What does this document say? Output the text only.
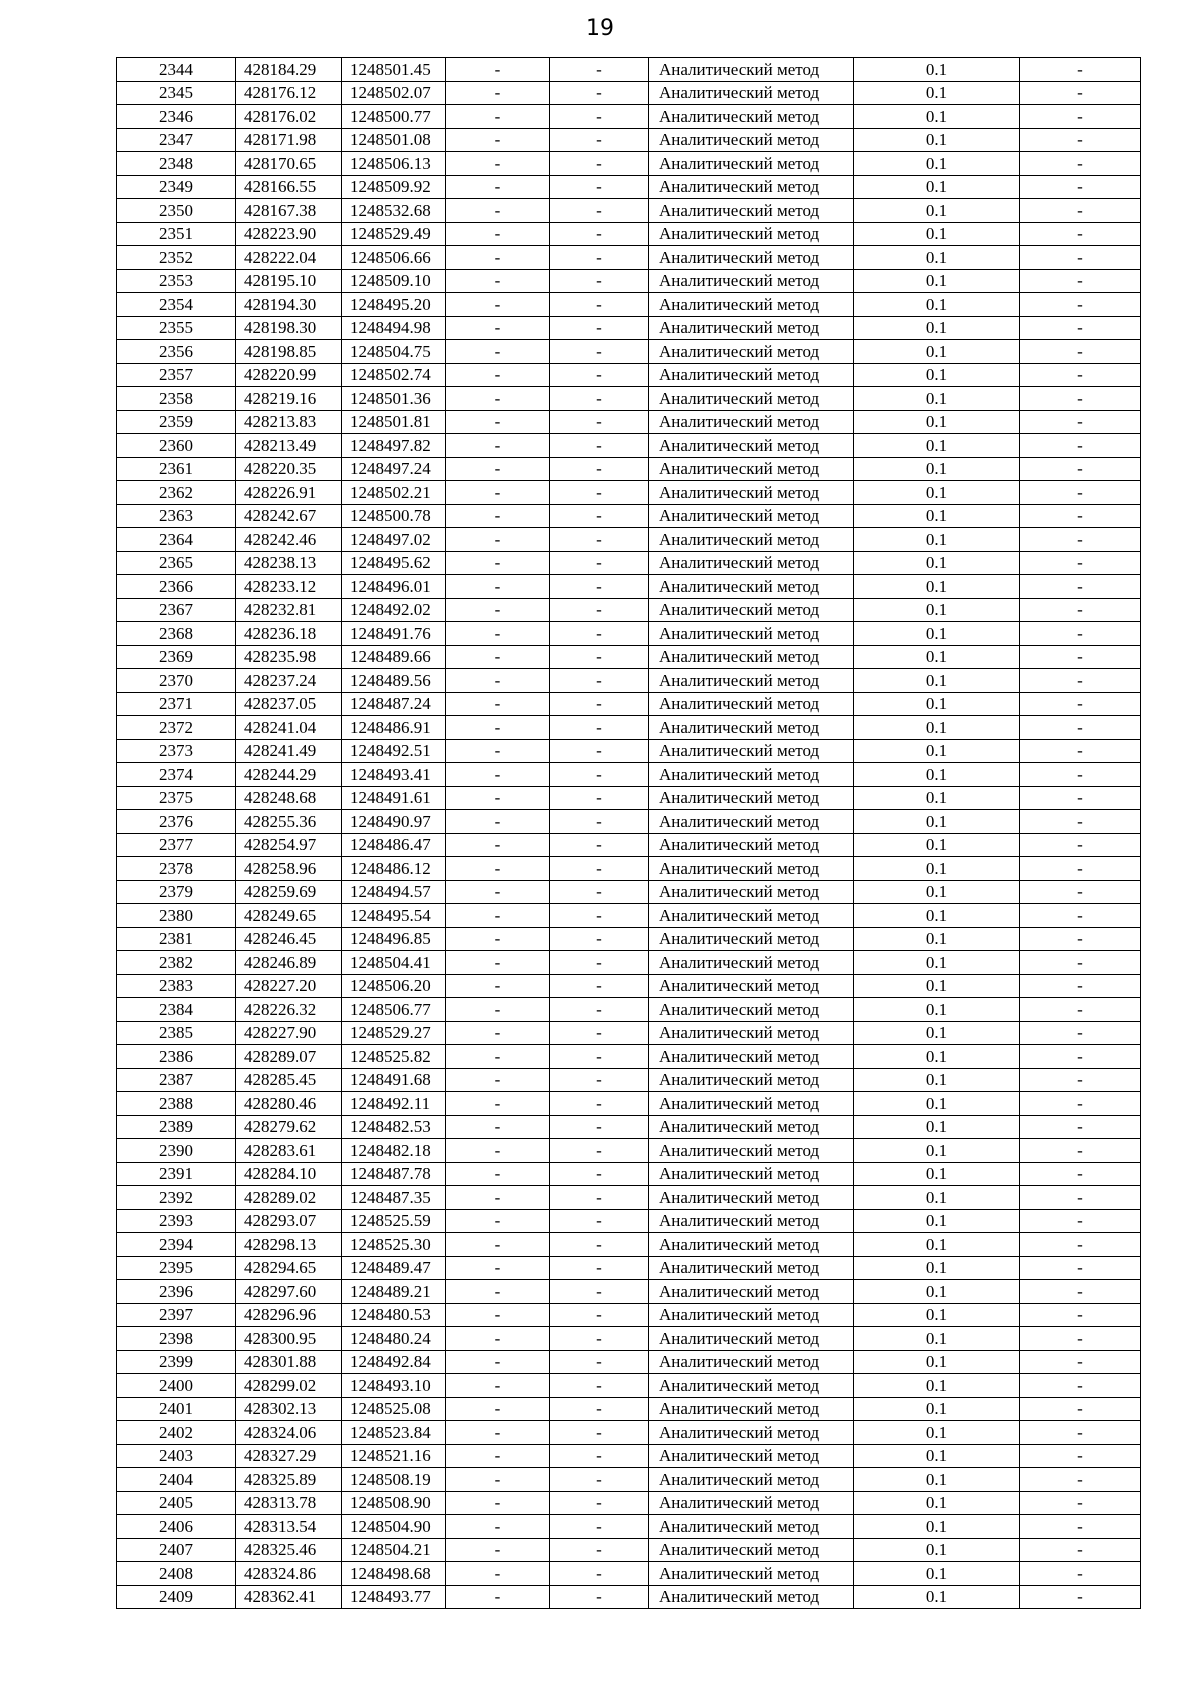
19
2344	428184.29	1248501.45	-	-	Аналитический метод	0.1	-
2345	428176.12	1248502.07	-	-	Аналитический метод	0.1	-
2346	428176.02	1248500.77	-	-	Аналитический метод	0.1	-
2347	428171.98	1248501.08	-	-	Аналитический метод	0.1	-
2348	428170.65	1248506.13	-	-	Аналитический метод	0.1	-
2349	428166.55	1248509.92	-	-	Аналитический метод	0.1	-
2350	428167.38	1248532.68	-	-	Аналитический метод	0.1	-
2351	428223.90	1248529.49	-	-	Аналитический метод	0.1	-
2352	428222.04	1248506.66	-	-	Аналитический метод	0.1	-
2353	428195.10	1248509.10	-	-	Аналитический метод	0.1	-
2354	428194.30	1248495.20	-	-	Аналитический метод	0.1	-
2355	428198.30	1248494.98	-	-	Аналитический метод	0.1	-
2356	428198.85	1248504.75	-	-	Аналитический метод	0.1	-
2357	428220.99	1248502.74	-	-	Аналитический метод	0.1	-
2358	428219.16	1248501.36	-	-	Аналитический метод	0.1	-
2359	428213.83	1248501.81	-	-	Аналитический метод	0.1	-
2360	428213.49	1248497.82	-	-	Аналитический метод	0.1	-
2361	428220.35	1248497.24	-	-	Аналитический метод	0.1	-
2362	428226.91	1248502.21	-	-	Аналитический метод	0.1	-
2363	428242.67	1248500.78	-	-	Аналитический метод	0.1	-
2364	428242.46	1248497.02	-	-	Аналитический метод	0.1	-
2365	428238.13	1248495.62	-	-	Аналитический метод	0.1	-
2366	428233.12	1248496.01	-	-	Аналитический метод	0.1	-
2367	428232.81	1248492.02	-	-	Аналитический метод	0.1	-
2368	428236.18	1248491.76	-	-	Аналитический метод	0.1	-
2369	428235.98	1248489.66	-	-	Аналитический метод	0.1	-
2370	428237.24	1248489.56	-	-	Аналитический метод	0.1	-
2371	428237.05	1248487.24	-	-	Аналитический метод	0.1	-
2372	428241.04	1248486.91	-	-	Аналитический метод	0.1	-
2373	428241.49	1248492.51	-	-	Аналитический метод	0.1	-
2374	428244.29	1248493.41	-	-	Аналитический метод	0.1	-
2375	428248.68	1248491.61	-	-	Аналитический метод	0.1	-
2376	428255.36	1248490.97	-	-	Аналитический метод	0.1	-
2377	428254.97	1248486.47	-	-	Аналитический метод	0.1	-
2378	428258.96	1248486.12	-	-	Аналитический метод	0.1	-
2379	428259.69	1248494.57	-	-	Аналитический метод	0.1	-
2380	428249.65	1248495.54	-	-	Аналитический метод	0.1	-
2381	428246.45	1248496.85	-	-	Аналитический метод	0.1	-
2382	428246.89	1248504.41	-	-	Аналитический метод	0.1	-
2383	428227.20	1248506.20	-	-	Аналитический метод	0.1	-
2384	428226.32	1248506.77	-	-	Аналитический метод	0.1	-
2385	428227.90	1248529.27	-	-	Аналитический метод	0.1	-
2386	428289.07	1248525.82	-	-	Аналитический метод	0.1	-
2387	428285.45	1248491.68	-	-	Аналитический метод	0.1	-
2388	428280.46	1248492.11	-	-	Аналитический метод	0.1	-
2389	428279.62	1248482.53	-	-	Аналитический метод	0.1	-
2390	428283.61	1248482.18	-	-	Аналитический метод	0.1	-
2391	428284.10	1248487.78	-	-	Аналитический метод	0.1	-
2392	428289.02	1248487.35	-	-	Аналитический метод	0.1	-
2393	428293.07	1248525.59	-	-	Аналитический метод	0.1	-
2394	428298.13	1248525.30	-	-	Аналитический метод	0.1	-
2395	428294.65	1248489.47	-	-	Аналитический метод	0.1	-
2396	428297.60	1248489.21	-	-	Аналитический метод	0.1	-
2397	428296.96	1248480.53	-	-	Аналитический метод	0.1	-
2398	428300.95	1248480.24	-	-	Аналитический метод	0.1	-
2399	428301.88	1248492.84	-	-	Аналитический метод	0.1	-
2400	428299.02	1248493.10	-	-	Аналитический метод	0.1	-
2401	428302.13	1248525.08	-	-	Аналитический метод	0.1	-
2402	428324.06	1248523.84	-	-	Аналитический метод	0.1	-
2403	428327.29	1248521.16	-	-	Аналитический метод	0.1	-
2404	428325.89	1248508.19	-	-	Аналитический метод	0.1	-
2405	428313.78	1248508.90	-	-	Аналитический метод	0.1	-
2406	428313.54	1248504.90	-	-	Аналитический метод	0.1	-
2407	428325.46	1248504.21	-	-	Аналитический метод	0.1	-
2408	428324.86	1248498.68	-	-	Аналитический метод	0.1	-
2409	428362.41	1248493.77	-	-	Аналитический метод	0.1	-
